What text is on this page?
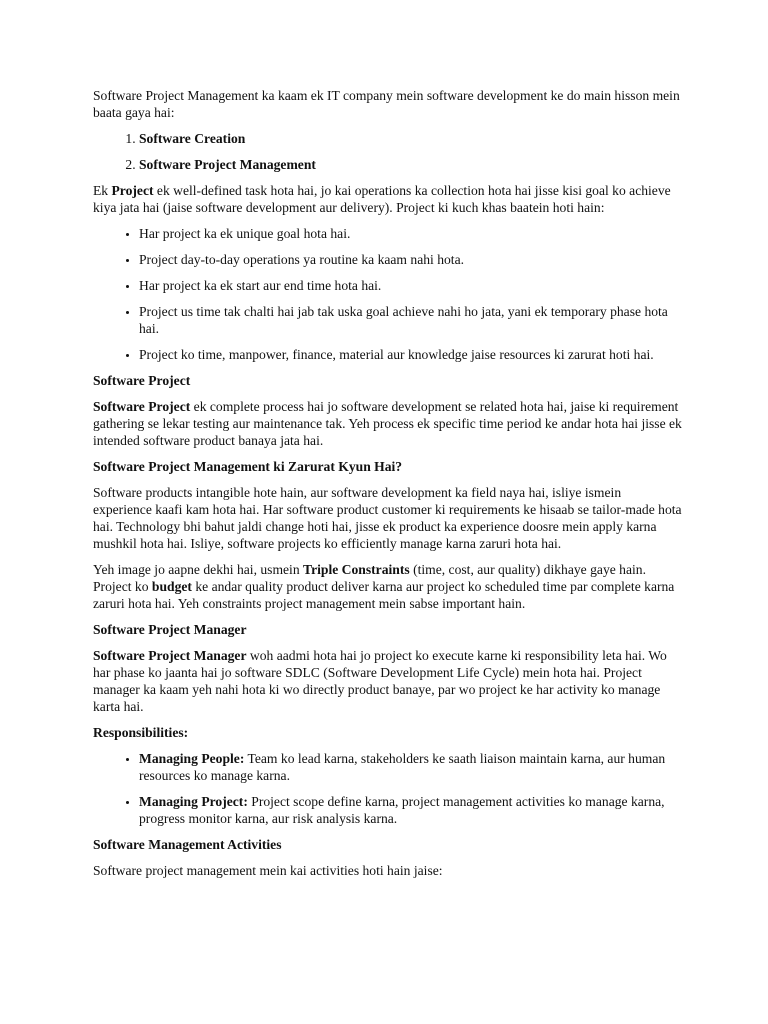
Software Project Management ka kaam ek IT company mein software development ke do main hisson mein baata gaya hai:

1. Software Creation
2. Software Project Management

Ek Project ek well-defined task hota hai, jo kai operations ka collection hota hai jisse kisi goal ko achieve kiya jata hai (jaise software development aur delivery). Project ki kuch khas baatein hoti hain:

• Har project ka ek unique goal hota hai.
• Project day-to-day operations ya routine ka kaam nahi hota.
• Har project ka ek start aur end time hota hai.
• Project us time tak chalti hai jab tak uska goal achieve nahi ho jata, yani ek temporary phase hota hai.
• Project ko time, manpower, finance, material aur knowledge jaise resources ki zarurat hoti hai.

Software Project

Software Project ek complete process hai jo software development se related hota hai, jaise ki requirement gathering se lekar testing aur maintenance tak. Yeh process ek specific time period ke andar hota hai jisse ek intended software product banaya jata hai.

Software Project Management ki Zarurat Kyun Hai?

Software products intangible hote hain, aur software development ka field naya hai, isliye ismein experience kaafi kam hota hai. Har software product customer ki requirements ke hisaab se tailor-made hota hai. Technology bhi bahut jaldi change hoti hai, jisse ek product ka experience doosre mein apply karna mushkil hota hai. Isliye, software projects ko efficiently manage karna zaruri hota hai.

Yeh image jo aapne dekhi hai, usmein Triple Constraints (time, cost, aur quality) dikhaye gaye hain. Project ko budget ke andar quality product deliver karna aur project ko scheduled time par complete karna zaruri hota hai. Yeh constraints project management mein sabse important hain.

Software Project Manager

Software Project Manager woh aadmi hota hai jo project ko execute karne ki responsibility leta hai. Wo har phase ko jaanta hai jo software SDLC (Software Development Life Cycle) mein hota hai. Project manager ka kaam yeh nahi hota ki wo directly product banaye, par wo project ke har activity ko manage karta hai.

Responsibilities:

• Managing People: Team ko lead karna, stakeholders ke saath liaison maintain karna, aur human resources ko manage karna.
• Managing Project: Project scope define karna, project management activities ko manage karna, progress monitor karna, aur risk analysis karna.

Software Management Activities

Software project management mein kai activities hoti hain jaise:
